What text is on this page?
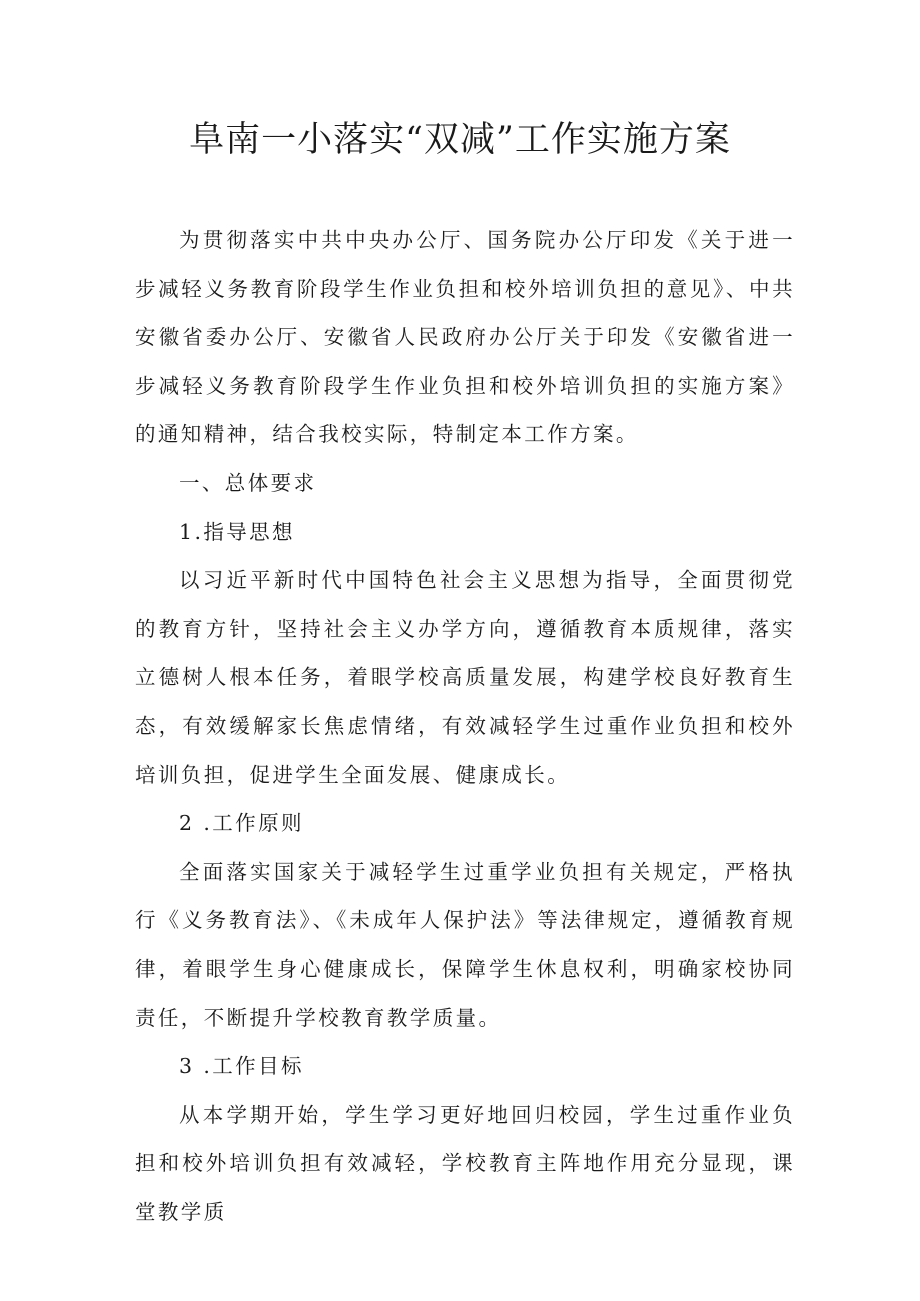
阜南一小落实“双减”工作实施方案

为贯彻落实中共中央办公厅、国务院办公厅印发《关于进一步减轻义务教育阶段学生作业负担和校外培训负担的意见》、中共安徽省委办公厅、安徽省人民政府办公厅关于印发《安徽省进一步减轻义务教育阶段学生作业负担和校外培训负担的实施方案》的通知精神，结合我校实际，特制定本工作方案。

一、总体要求

1.指导思想

以习近平新时代中国特色社会主义思想为指导，全面贯彻党的教育方针，坚持社会主义办学方向，遵循教育本质规律，落实立德树人根本任务，着眼学校高质量发展，构建学校良好教育生态，有效缓解家长焦虑情绪，有效减轻学生过重作业负担和校外培训负担，促进学生全面发展、健康成长。

2 .工作原则

全面落实国家关于减轻学生过重学业负担有关规定，严格执行《义务教育法》、《未成年人保护法》等法律规定，遵循教育规律，着眼学生身心健康成长，保障学生休息权利，明确家校协同责任，不断提升学校教育教学质量。

3 .工作目标

从本学期开始，学生学习更好地回归校园，学生过重作业负担和校外培训负担有效减轻，学校教育主阵地作用充分显现，课堂教学质
